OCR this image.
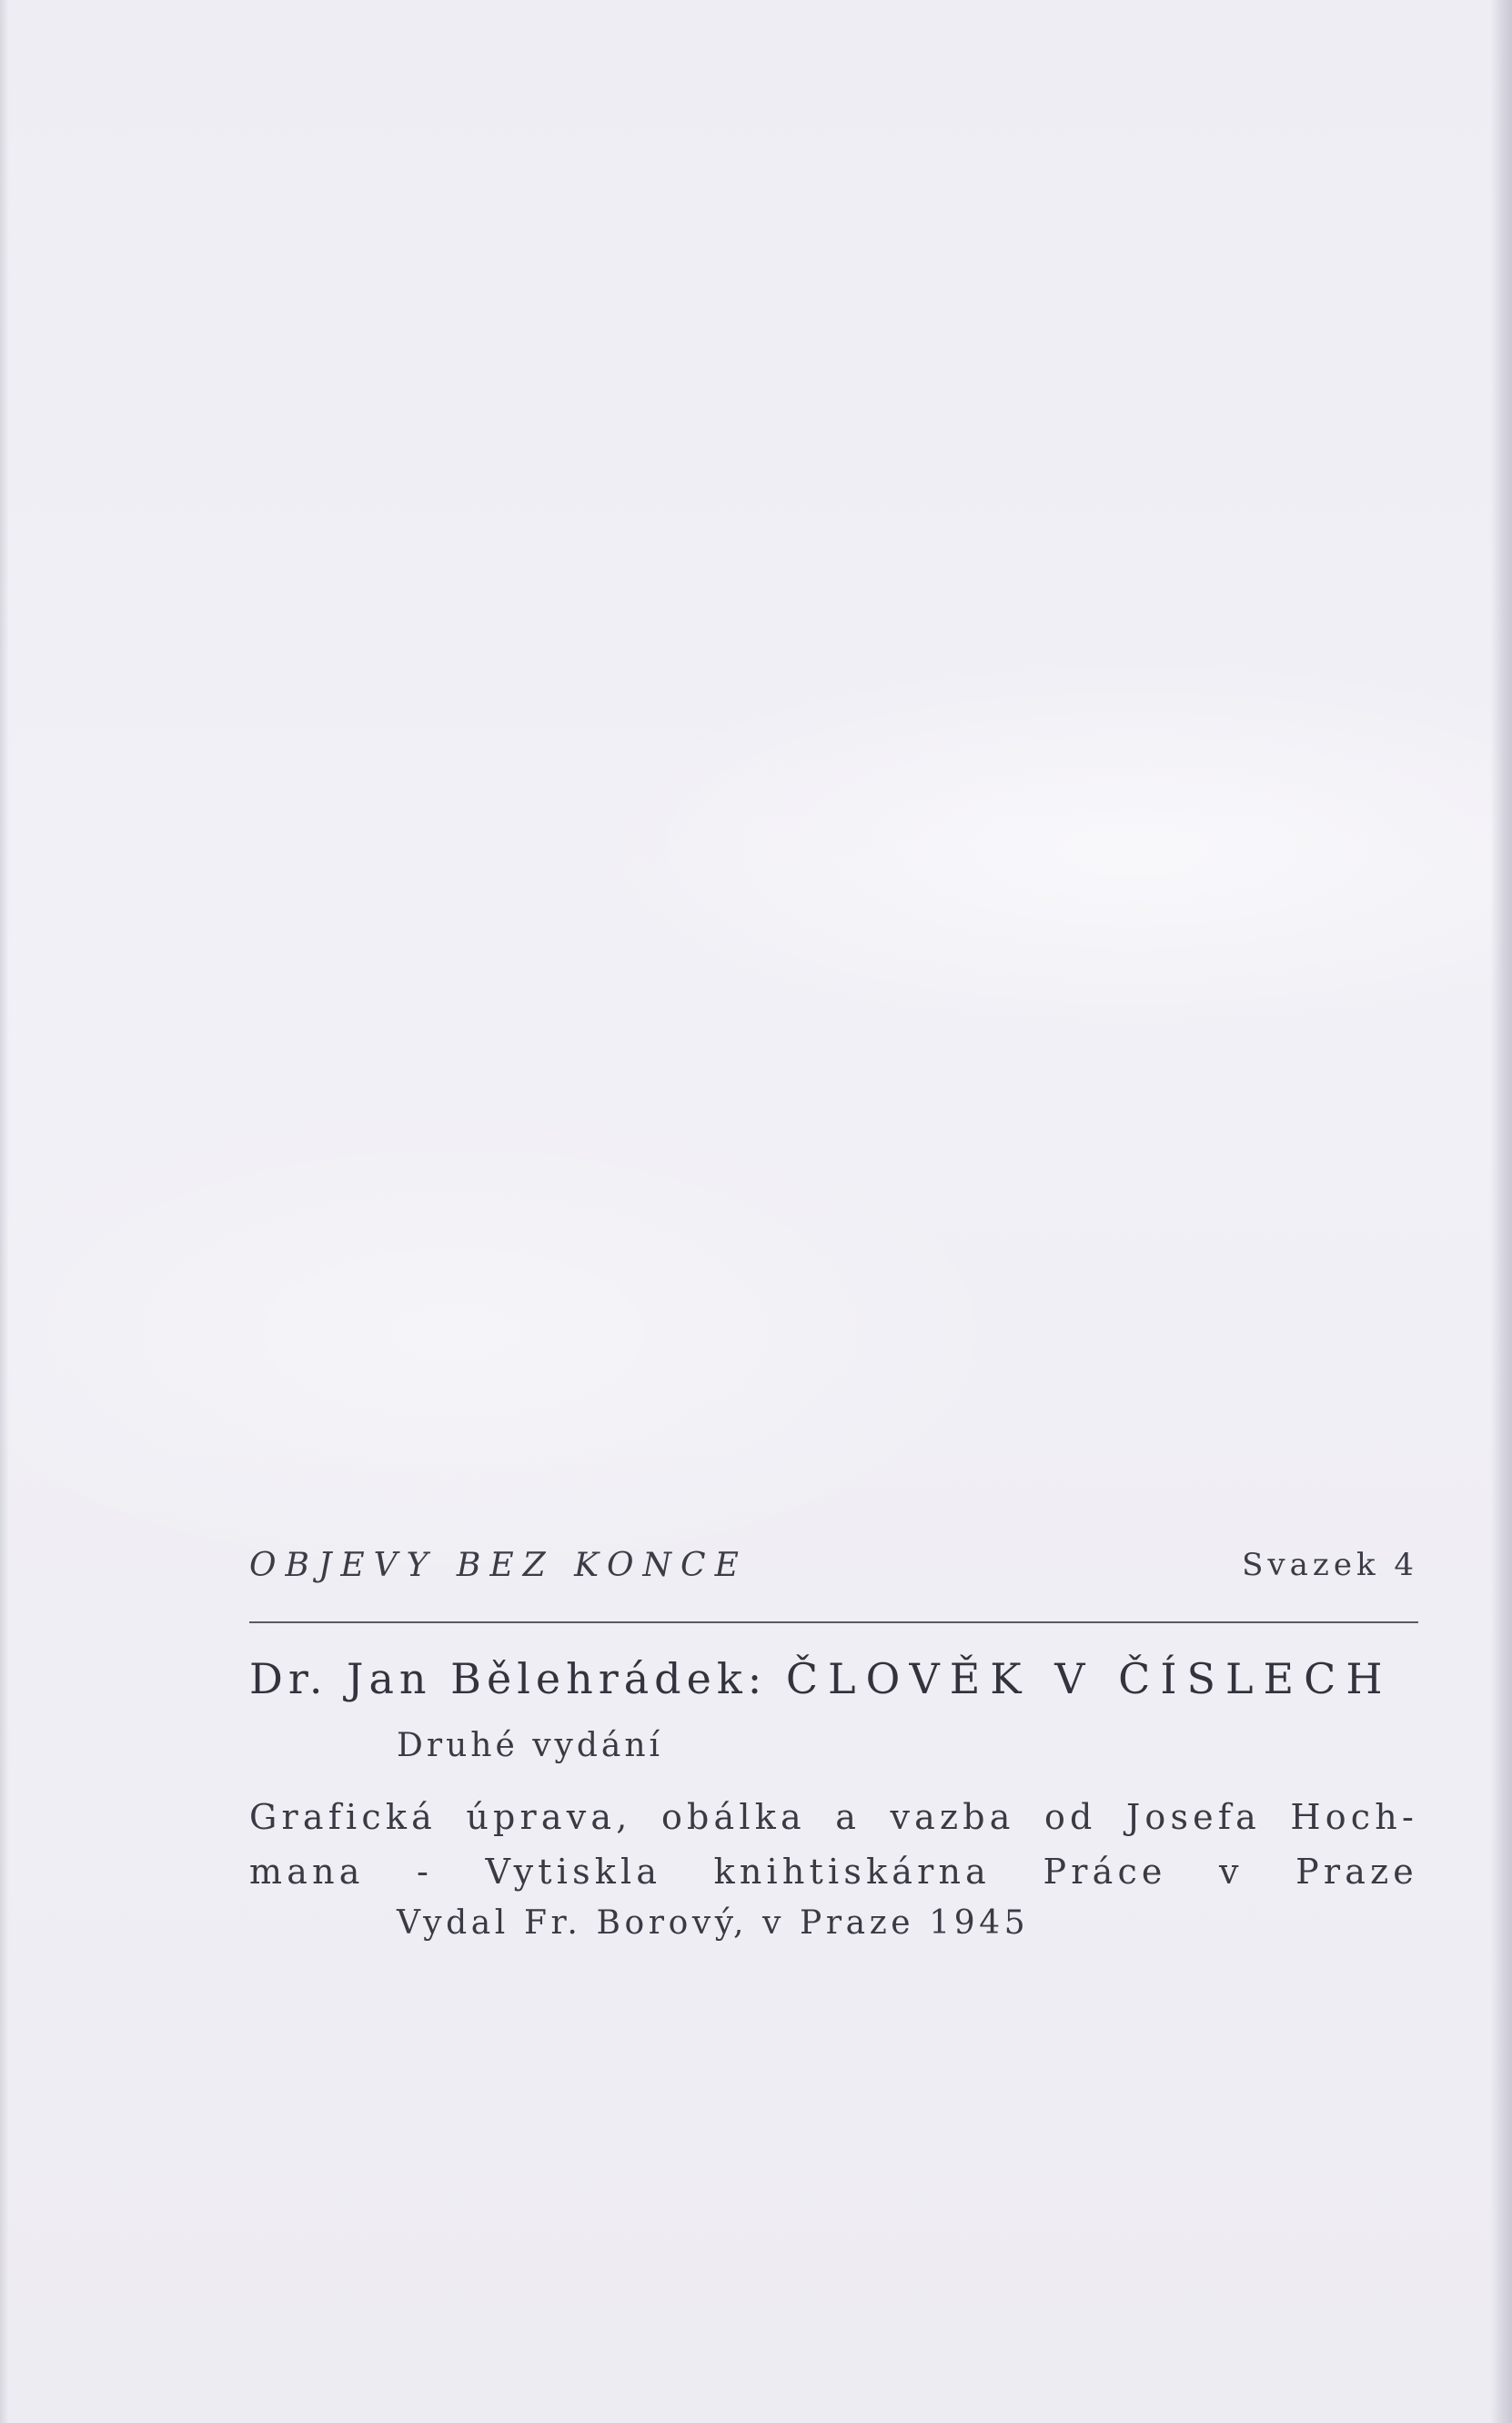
OBJEVY BEZ KONCE	Svazek 4
Dr. Jan Bělehrádek: ČLOVĚK V ČÍSLECH
Druhé vydání
Grafická úprava, obálka a vazba od Josefa Hoch-
mana - Vytiskla knihtiskárna Práce v Praze
Vydal Fr. Borový, v Praze 1945
